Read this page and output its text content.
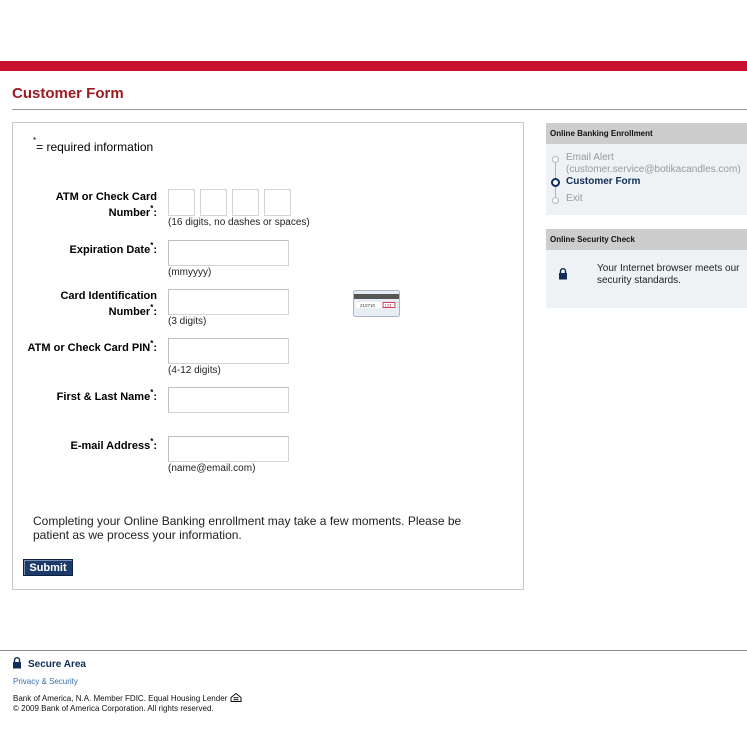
Customer Form
*= required information
ATM or Check Card
Number*:
(16 digits, no dashes or spaces)
Expiration Date*:
(mmyyyy)
Card Identification
Number*:
(3 digits)
210710 123
ATM or Check Card PIN*:
(4-12 digits)
First & Last Name*:
E-mail Address*:
(name@email.com)
Completing your Online Banking enrollment may take a few moments. Please be patient as we process your information.
Submit
Online Banking Enrollment
Email Alert
(customer.service@botikacandles.com)
Customer Form
Exit
Online Security Check
Your Internet browser meets our security standards.
Secure Area
Privacy & Security
Bank of America, N.A. Member FDIC. Equal Housing Lender
© 2009 Bank of America Corporation. All rights reserved.
